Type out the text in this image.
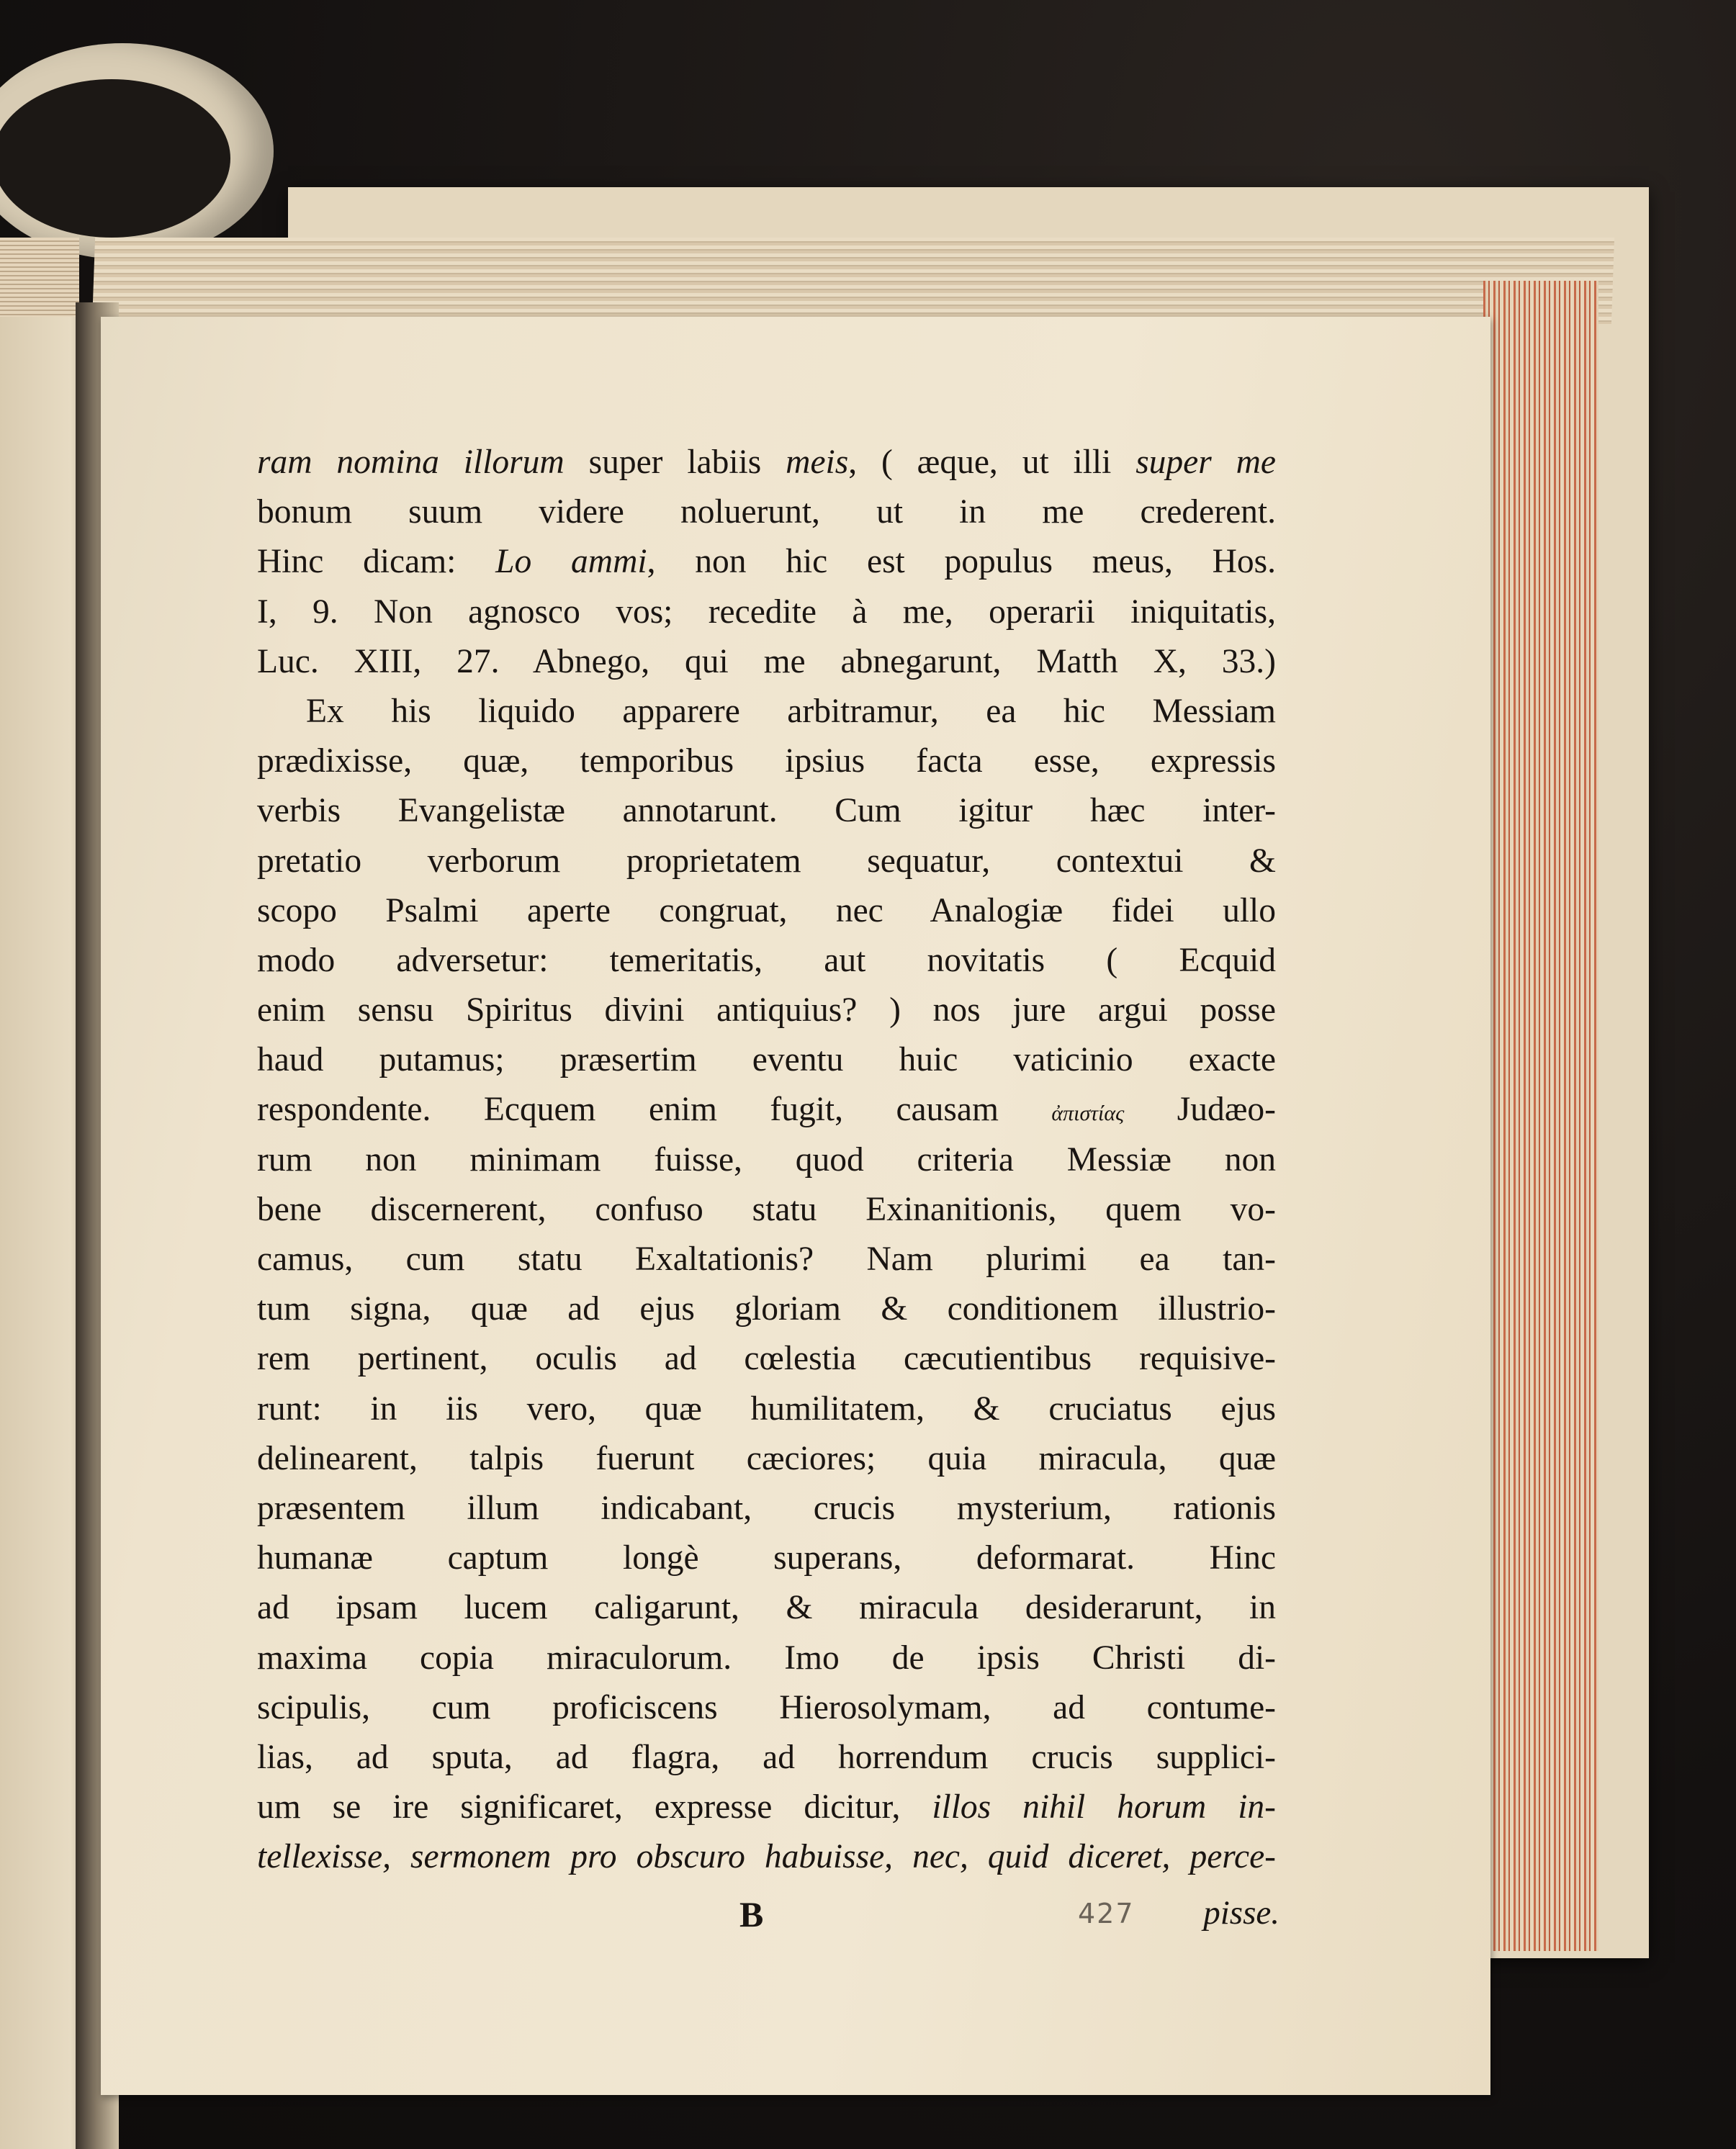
ram nomina illorum super labiis meis, ( æque, ut illi super me
bonum suum videre noluerunt, ut in me crederent.
Hinc dicam: Lo ammi, non hic est populus meus, Hos.
I, 9. Non agnosco vos; recedite à me, operarii iniquitatis,
Luc. XIII, 27. Abnego, qui me abnegarunt, Matth X, 33.)
Ex his liquido apparere arbitramur, ea hic Messiam
prædixisse, quæ, temporibus ipsius facta esse, expressis
verbis Evangelistæ annotarunt. Cum igitur hæc inter-
pretatio verborum proprietatem sequatur, contextui &
scopo Psalmi aperte congruat, nec Analogiæ fidei ullo
modo adversetur: temeritatis, aut novitatis ( Ecquid
enim sensu Spiritus divini antiquius? ) nos jure argui posse
haud putamus; præsertim eventu huic vaticinio exacte
respondente. Ecquem enim fugit, causam ἀπιστίας Judæo-
rum non minimam fuisse, quod criteria Messiæ non
bene discernerent, confuso statu Exinanitionis, quem vo-
camus, cum statu Exaltationis? Nam plurimi ea tan-
tum signa, quæ ad ejus gloriam & conditionem illustrio-
rem pertinent, oculis ad cœlestia cæcutientibus requisive-
runt: in iis vero, quæ humilitatem, & cruciatus ejus
delinearent, talpis fuerunt cæciores; quia miracula, quæ
præsentem illum indicabant, crucis mysterium, rationis
humanæ captum longè superans, deformarat. Hinc
ad ipsam lucem caligarunt, & miracula desiderarunt, in
maxima copia miraculorum. Imo de ipsis Christi di-
scipulis, cum proficiscens Hierosolymam, ad contume-
lias, ad sputa, ad flagra, ad horrendum crucis supplici-
um se ire significaret, expresse dicitur, illos nihil horum in-
tellexisse, sermonem pro obscuro habuisse, nec, quid diceret, perce-
B	427 pisse.
